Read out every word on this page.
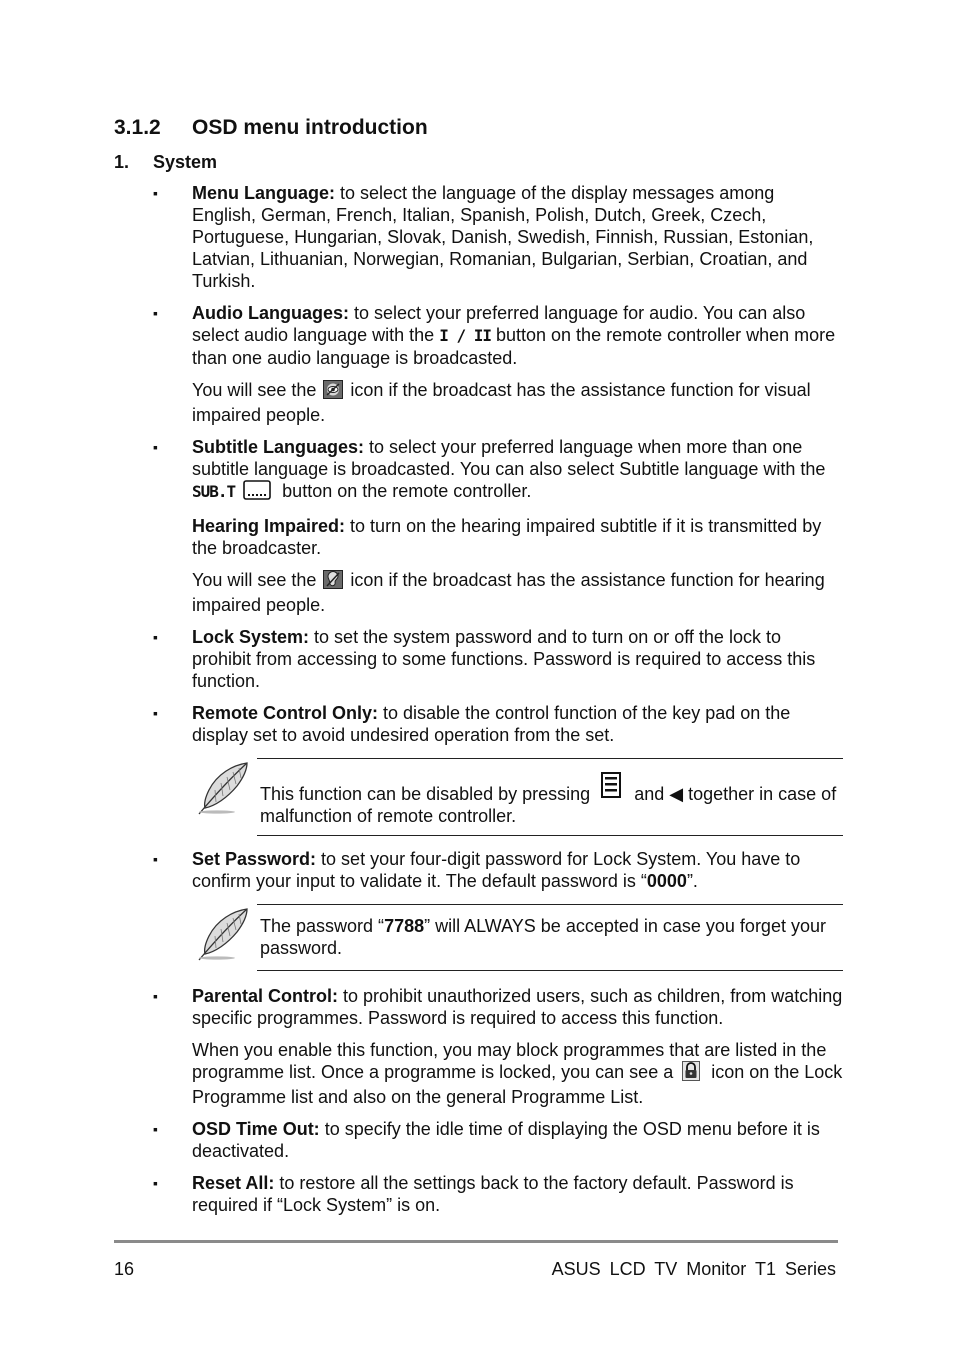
3.1.2 OSD menu introduction
1. System
▪	Menu Language: to select the language of the display messages among English, German, French, Italian, Spanish, Polish, Dutch, Greek, Czech, Portuguese, Hungarian, Slovak, Danish, Swedish, Finnish, Russian, Estonian, Latvian, Lithuanian, Norwegian, Romanian, Bulgarian, Serbian, Croatian, and Turkish.

▪	Audio Languages: to select your preferred language for audio. You can also select audio language with the I / II button on the remote controller when more than one audio language is broadcasted.

You will see the  icon if the broadcast has the assistance function for visual impaired people.

▪	Subtitle Languages: to select your preferred language when more than one subtitle language is broadcasted. You can also select Subtitle language with the SUB.T button on the remote controller.

Hearing Impaired: to turn on the hearing impaired subtitle if it is transmitted by the broadcaster.

You will see the  icon if the broadcast has the assistance function for hearing impaired people.

▪	Lock System: to set the system password and to turn on or off the lock to prohibit from accessing to some functions. Password is required to access this function.

▪	Remote Control Only: to disable the control function of the key pad on the display set to avoid undesired operation from the set.

This function can be disabled by pressing  and ◀ together in case of malfunction of remote controller.
▪	Set Password: to set your four-digit password for Lock System. You have to confirm your input to validate it. The default password is “0000”.

The password “7788” will ALWAYS be accepted in case you forget your password.
▪	Parental Control: to prohibit unauthorized users, such as children, from watching specific programmes. Password is required to access this function.

When you enable this function, you may block programmes that are listed in the programme list. Once a programme is locked, you can see a  icon on the Lock Programme list and also on the general Programme List.

▪	OSD Time Out: to specify the idle time of displaying the OSD menu before it is deactivated.

▪	Reset All: to restore all the settings back to the factory default. Password is required if “Lock System” is on.

16	ASUS LCD TV Monitor T1 Series
